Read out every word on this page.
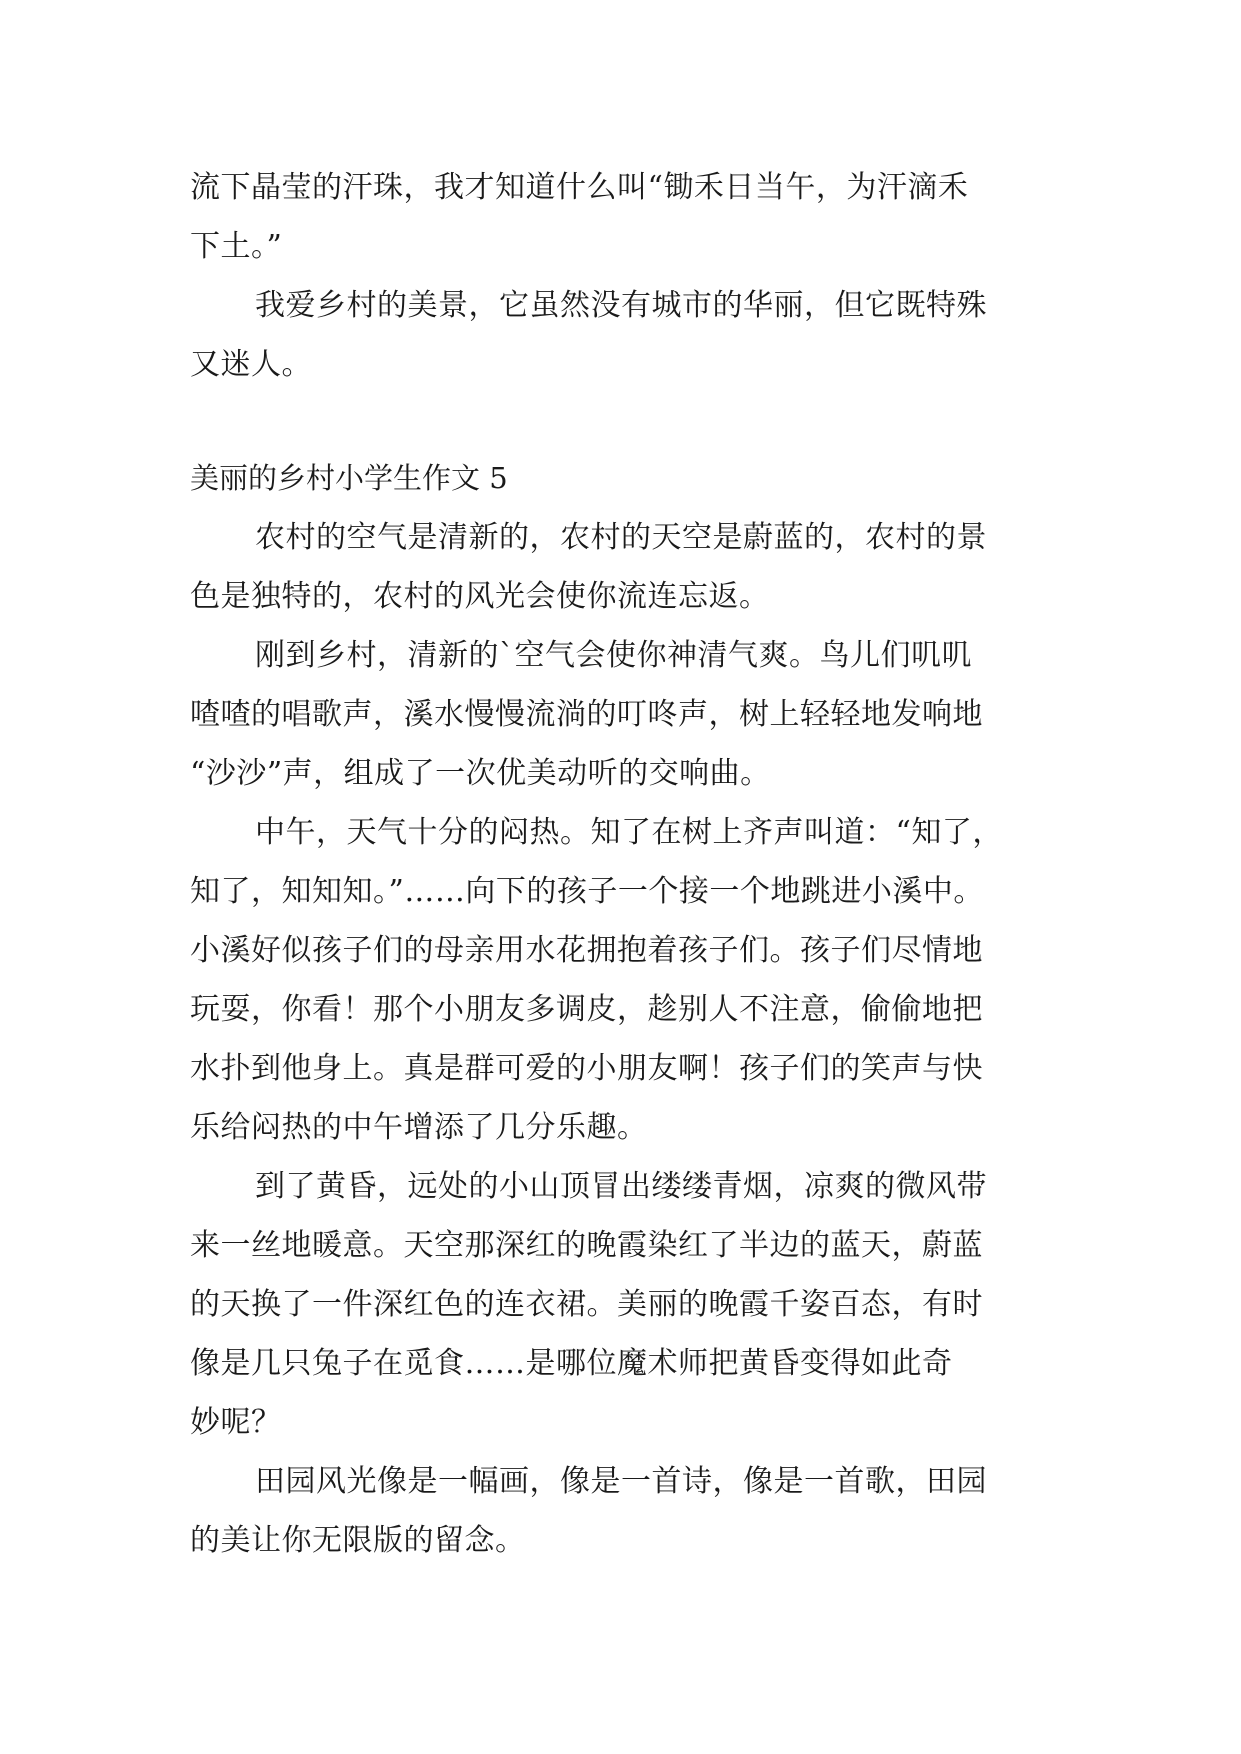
流下晶莹的汗珠，我才知道什么叫“锄禾日当午，为汗滴禾
下土。”
我爱乡村的美景，它虽然没有城市的华丽，但它既特殊
又迷人。
美丽的乡村小学生作文 5
农村的空气是清新的，农村的天空是蔚蓝的，农村的景
色是独特的，农村的风光会使你流连忘返。
刚到乡村，清新的`空气会使你神清气爽。鸟儿们叽叽
喳喳的唱歌声，溪水慢慢流淌的叮咚声，树上轻轻地发响地
“沙沙”声，组成了一次优美动听的交响曲。
中午，天气十分的闷热。知了在树上齐声叫道：“知了，
知了，知知知。”……向下的孩子一个接一个地跳进小溪中。
小溪好似孩子们的母亲用水花拥抱着孩子们。孩子们尽情地
玩耍，你看！那个小朋友多调皮，趁别人不注意，偷偷地把
水扑到他身上。真是群可爱的小朋友啊！孩子们的笑声与快
乐给闷热的中午增添了几分乐趣。
到了黄昏，远处的小山顶冒出缕缕青烟，凉爽的微风带
来一丝地暖意。天空那深红的晚霞染红了半边的蓝天，蔚蓝
的天换了一件深红色的连衣裙。美丽的晚霞千姿百态，有时
像是几只兔子在觅食……是哪位魔术师把黄昏变得如此奇
妙呢？
田园风光像是一幅画，像是一首诗，像是一首歌，田园
的美让你无限版的留念。
